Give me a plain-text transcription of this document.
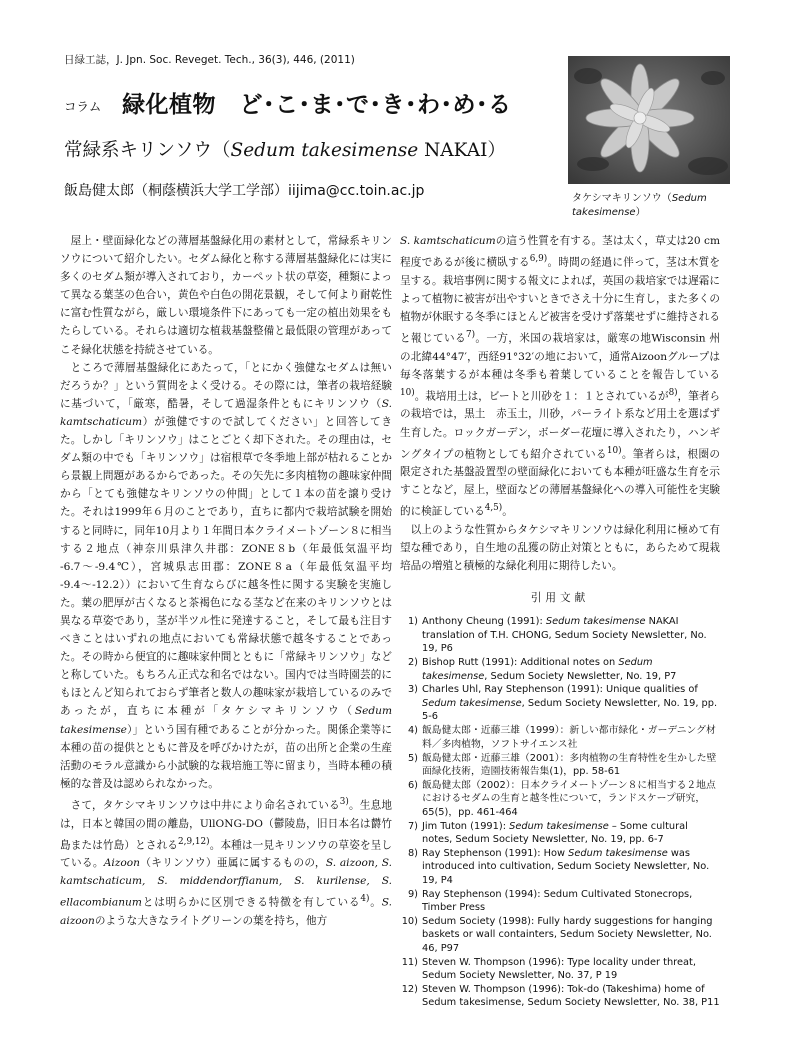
日緑工誌，J. Jpn. Soc. Reveget. Tech., 36(3), 446, (2011)
コラム 緑化植物　ど･こ･ま･で･き･わ･め･る
常緑系キリンソウ（Sedum takesimense NAKAI）
飯島健太郎（桐蔭横浜大学工学部）iijima@cc.toin.ac.jp	タケシマキリンソウ（Sedum takesimense）

屋上・壁面緑化などの薄層基盤緑化用の素材として，常緑系キリンソウについて紹介したい。セダム緑化と称する薄層基盤緑化には実に多くのセダム類が導入されており，カーペット状の草姿，種類によって異なる葉茎の色合い，黄色や白色の開花景観，そして何より耐乾性に富む性質ながら，厳しい環境条件下にあっても一定の植出効果をもたらしている。それらは適切な植栽基盤整備と最低限の管理があってこそ緑化状態を持続させている。

ところで薄層基盤緑化にあたって，「とにかく強健なセダムは無いだろうか？」という質問をよく受ける。その際には，筆者の栽培経験に基づいて，「厳寒，酷暑，そして過湿条件ともにキリンソウ（S. kamtschaticum）が強健ですので試してください」と回答してきた。しかし「キリンソウ」はことごとく却下された。その理由は，セダム類の中でも「キリンソウ」は宿根草で冬季地上部が枯れることから景観上問題があるからであった。その矢先に多肉植物の趣味家仲間から「とても強健なキリンソウの仲間」として１本の苗を譲り受けた。それは1999年６月のことであり，直ちに都内で栽培試験を開始すると同時に，同年10月より１年間日本クライメートゾーン８に相当する２地点（神奈川県津久井郡：ZONE８b（年最低気温平均 -6.7〜-9.4℃），宮城県志田郡：ZONE８a（年最低気温平均 -9.4〜-12.2））において生育ならびに越冬性に関する実験を実施した。葉の肥厚が古くなると茶褐色になる茎など在来のキリンソウとは異なる草姿であり，茎が半ツル性に発達すること，そして最も注目すべきことはいずれの地点においても常緑状態で越冬することであった。その時から便宜的に趣味家仲間とともに「常緑キリンソウ」などと称していた。もちろん正式な和名ではない。国内では当時園芸的にもほとんど知られておらず筆者と数人の趣味家が栽培しているのみであったが，直ちに本種が「タケシマキリンソウ（Sedum takesimense）」という国有種であることが分かった。関係企業等に本種の苗の提供とともに普及を呼びかけたが，苗の出所と企業の生産活動のモラル意識から小試験的な栽培施工等に留まり，当時本種の積極的な普及は認められなかった。

さて，タケシマキリンソウは中井により命名されている$^{3)}$。生息地は，日本と韓国の間の離島，UllONG-DO（鬱陵島，旧日本名は欝竹島または竹島）とされる$^{2,9,12)}$。本種は一見キリンソウの草姿を呈している。Aizoon（キリンソウ）亜属に属するものの，S. aizoon, S. kamtschaticum, S. middendorffianum, S. kurilense, S. ellacombianumとは明らかに区別できる特徴を有している$^{4)}$。S. aizoonのような大きなライトグリーンの葉を持ち，他方

S. kamtschaticumの這う性質を有する。茎は太く，草丈は20 cm程度であるが後に横臥する$^{6,9)}$。時間の経過に伴って，茎は木質を呈する。栽培事例に関する報文によれば，英国の栽培家では遅霜によって植物に被害が出やすいときでさえ十分に生育し，また多くの植物が休眠する冬季にほとんど被害を受けず落葉せずに維持されると報じている$^{7)}$。一方，米国の栽培家は，厳寒の地Wisconsin 州の北緯44°47′，西経91°32′の地において，通常Aizoonグループは毎冬落葉するが本種は冬季も着葉していることを報告している$^{10)}$。栽培用土は，ビートと川砂を１：１とされているが$^{8)}$，筆者らの栽培では，黒土　赤玉土，川砂，パーライト系など用土を選ばず生育した。ロックガーデン，ボーダー花壇に導入されたり，ハンギングタイプの植物としても紹介されている$^{10)}$。筆者らは，根圏の限定された基盤設置型の壁面緑化においても本種が旺盛な生育を示すことなど，屋上，壁面などの薄層基盤緑化への導入可能性を実験的に検証している$^{4,5)}$。

以上のような性質からタケシマキリンソウは緑化利用に極めて有望な種であり，自生地の乱獲の防止対策とともに，あらためて現栽培品の増殖と積極的な緑化利用に期待したい。

引用文献

1) Anthony Cheung (1991): Sedum takesimense NAKAI translation of T.H. CHONG, Sedum Society Newsletter, No. 19, P6
2) Bishop Rutt (1991): Additional notes on Sedum takesimense, Sedum Society Newsletter, No. 19, P7
3) Charles Uhl, Ray Stephenson (1991): Unique qualities of Sedum takesimense, Sedum Society Newsletter, No. 19, pp. 5-6
4) 飯島健太郎・近藤三雄（1999）：新しい都市緑化・ガーデニング材料／多肉植物，ソフトサイエンス社
5) 飯島健太郎・近藤三雄（2001）：多肉植物の生育特性を生かした壁面緑化技術，造園技術報告集(1)，pp. 58-61
6) 飯島健太郎（2002）：日本クライメートゾーン８に相当する２地点におけるセダムの生育と越冬性について，ランドスケープ研究，65(5)，pp. 461-464
7) Jim Tuton (1991): Sedum takesimense – Some cultural notes, Sedum Society Newsletter, No. 19, pp. 6-7
8) Ray Stephenson (1991): How Sedum takesimense was introduced into cultivation, Sedum Society Newsletter, No. 19, P4
9) Ray Stephenson (1994): Sedum Cultivated Stonecrops, Timber Press
10) Sedum Society (1998): Fully hardy suggestions for hanging baskets or wall containters, Sedum Society Newsletter, No. 46, P97
11) Steven W. Thompson (1996): Type locality under threat, Sedum Society Newsletter, No. 37, P 19
12) Steven W. Thompson (1996): Tok-do (Takeshima) home of Sedum takesimense, Sedum Society Newsletter, No. 38, P11
